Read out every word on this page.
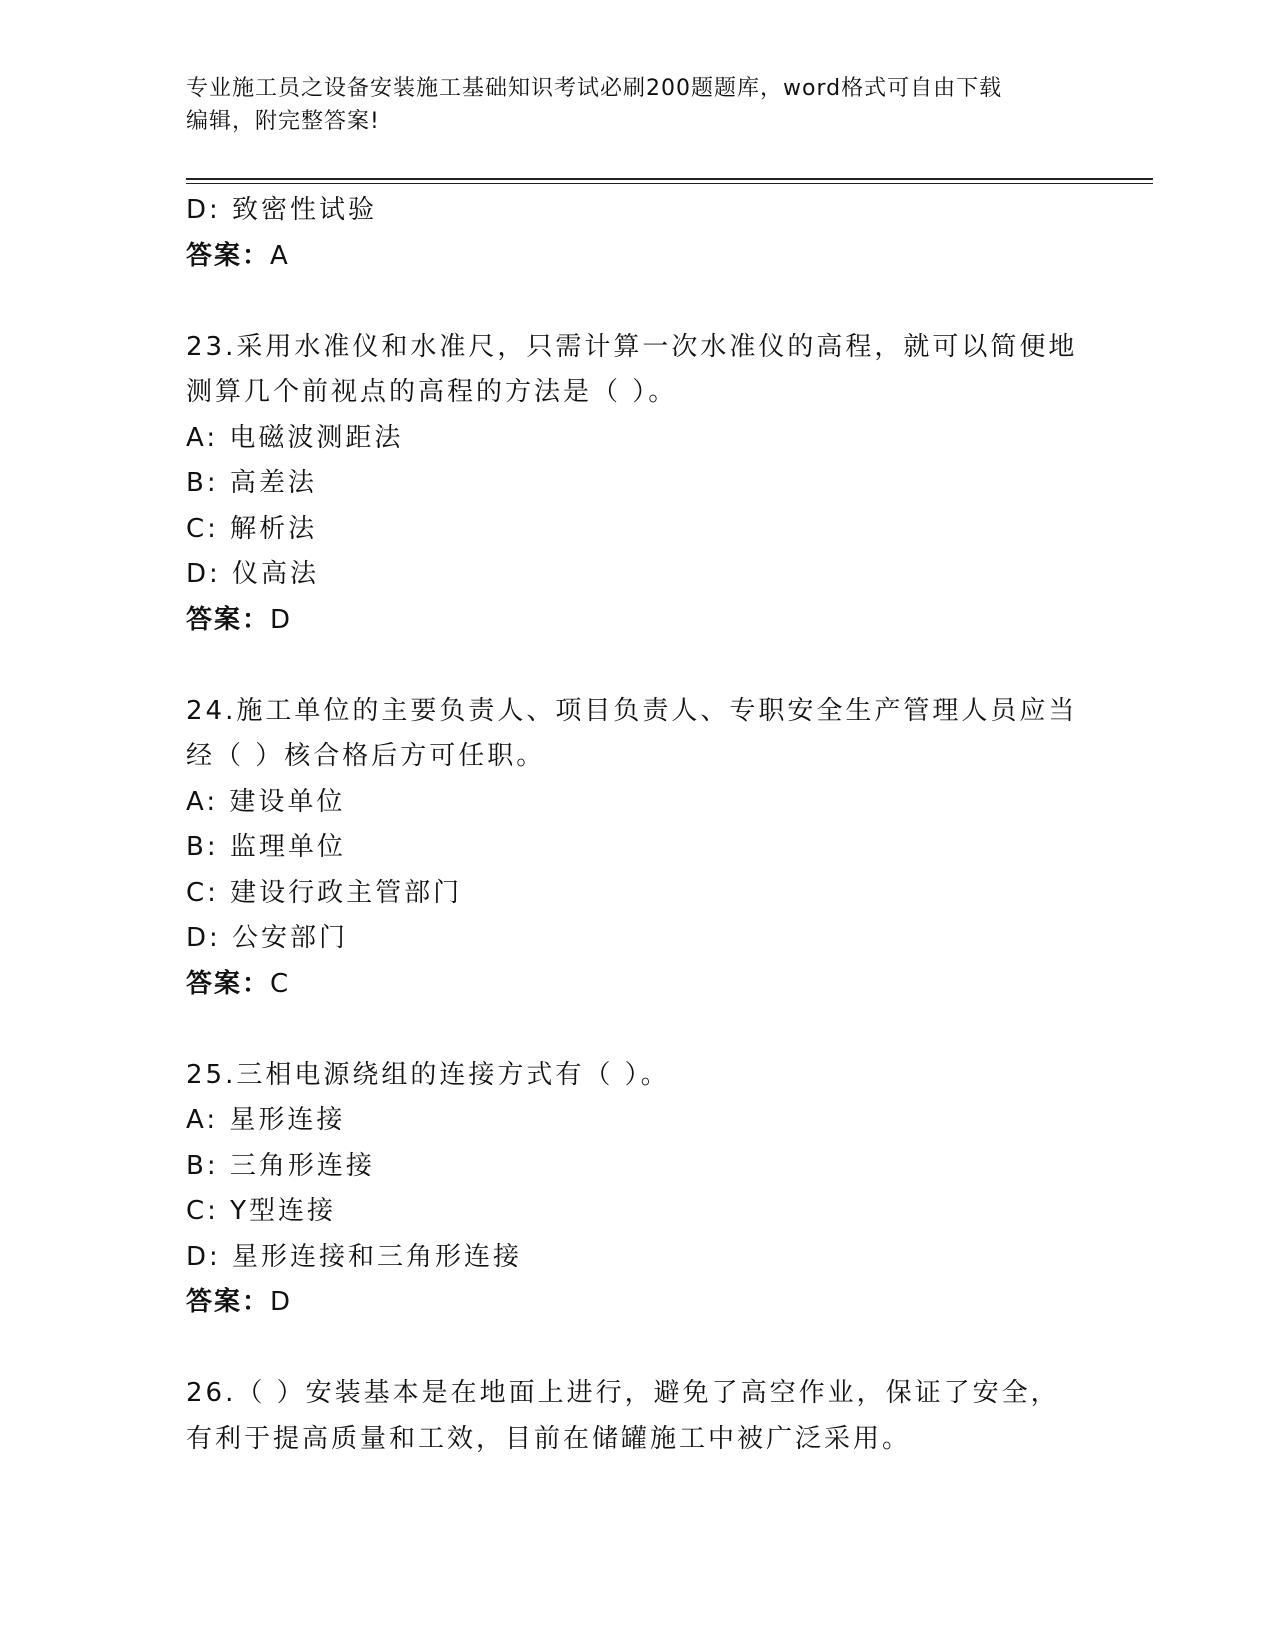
专业施工员之设备安装施工基础知识考试必刷200题题库，word格式可自由下载
编辑，附完整答案!
D: 致密性试验
答案：A
23.采用水准仪和水准尺，只需计算一次水准仪的高程，就可以简便地
测算几个前视点的高程的方法是（ ）。
A: 电磁波测距法
B: 高差法
C: 解析法
D: 仪高法
答案：D
24.施工单位的主要负责人、项目负责人、专职安全生产管理人员应当
经（ ）核合格后方可任职。
A: 建设单位
B: 监理单位
C: 建设行政主管部门
D: 公安部门
答案：C
25.三相电源绕组的连接方式有（ ）。
A: 星形连接
B: 三角形连接
C: Y型连接
D: 星形连接和三角形连接
答案：D
26.（ ）安装基本是在地面上进行，避免了高空作业，保证了安全，
有利于提高质量和工效，目前在储罐施工中被广泛采用。
